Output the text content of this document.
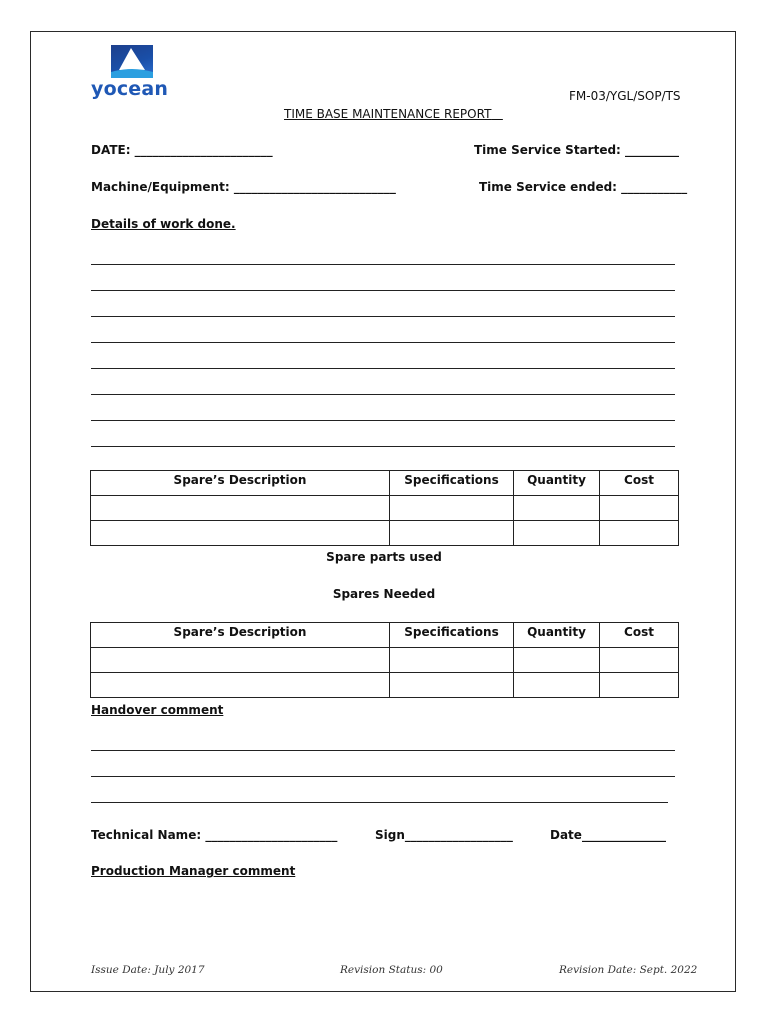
yocean	FM-03/YGL/SOP/TS
TIME BASE MAINTENANCE REPORT
DATE: _______________________	Time Service Started: _________
Machine/Equipment: ___________________________	Time Service ended: ___________
Details of work done.
Spare’s Description	Specifications	Quantity	Cost

Spare parts used
Spares Needed
Spare’s Description	Specifications	Quantity	Cost

Handover comment
Technical Name: ______________________	Sign__________________	Date______________
Production Manager comment
Issue Date: July 2017	Revision Status: 00	Revision Date: Sept. 2022
